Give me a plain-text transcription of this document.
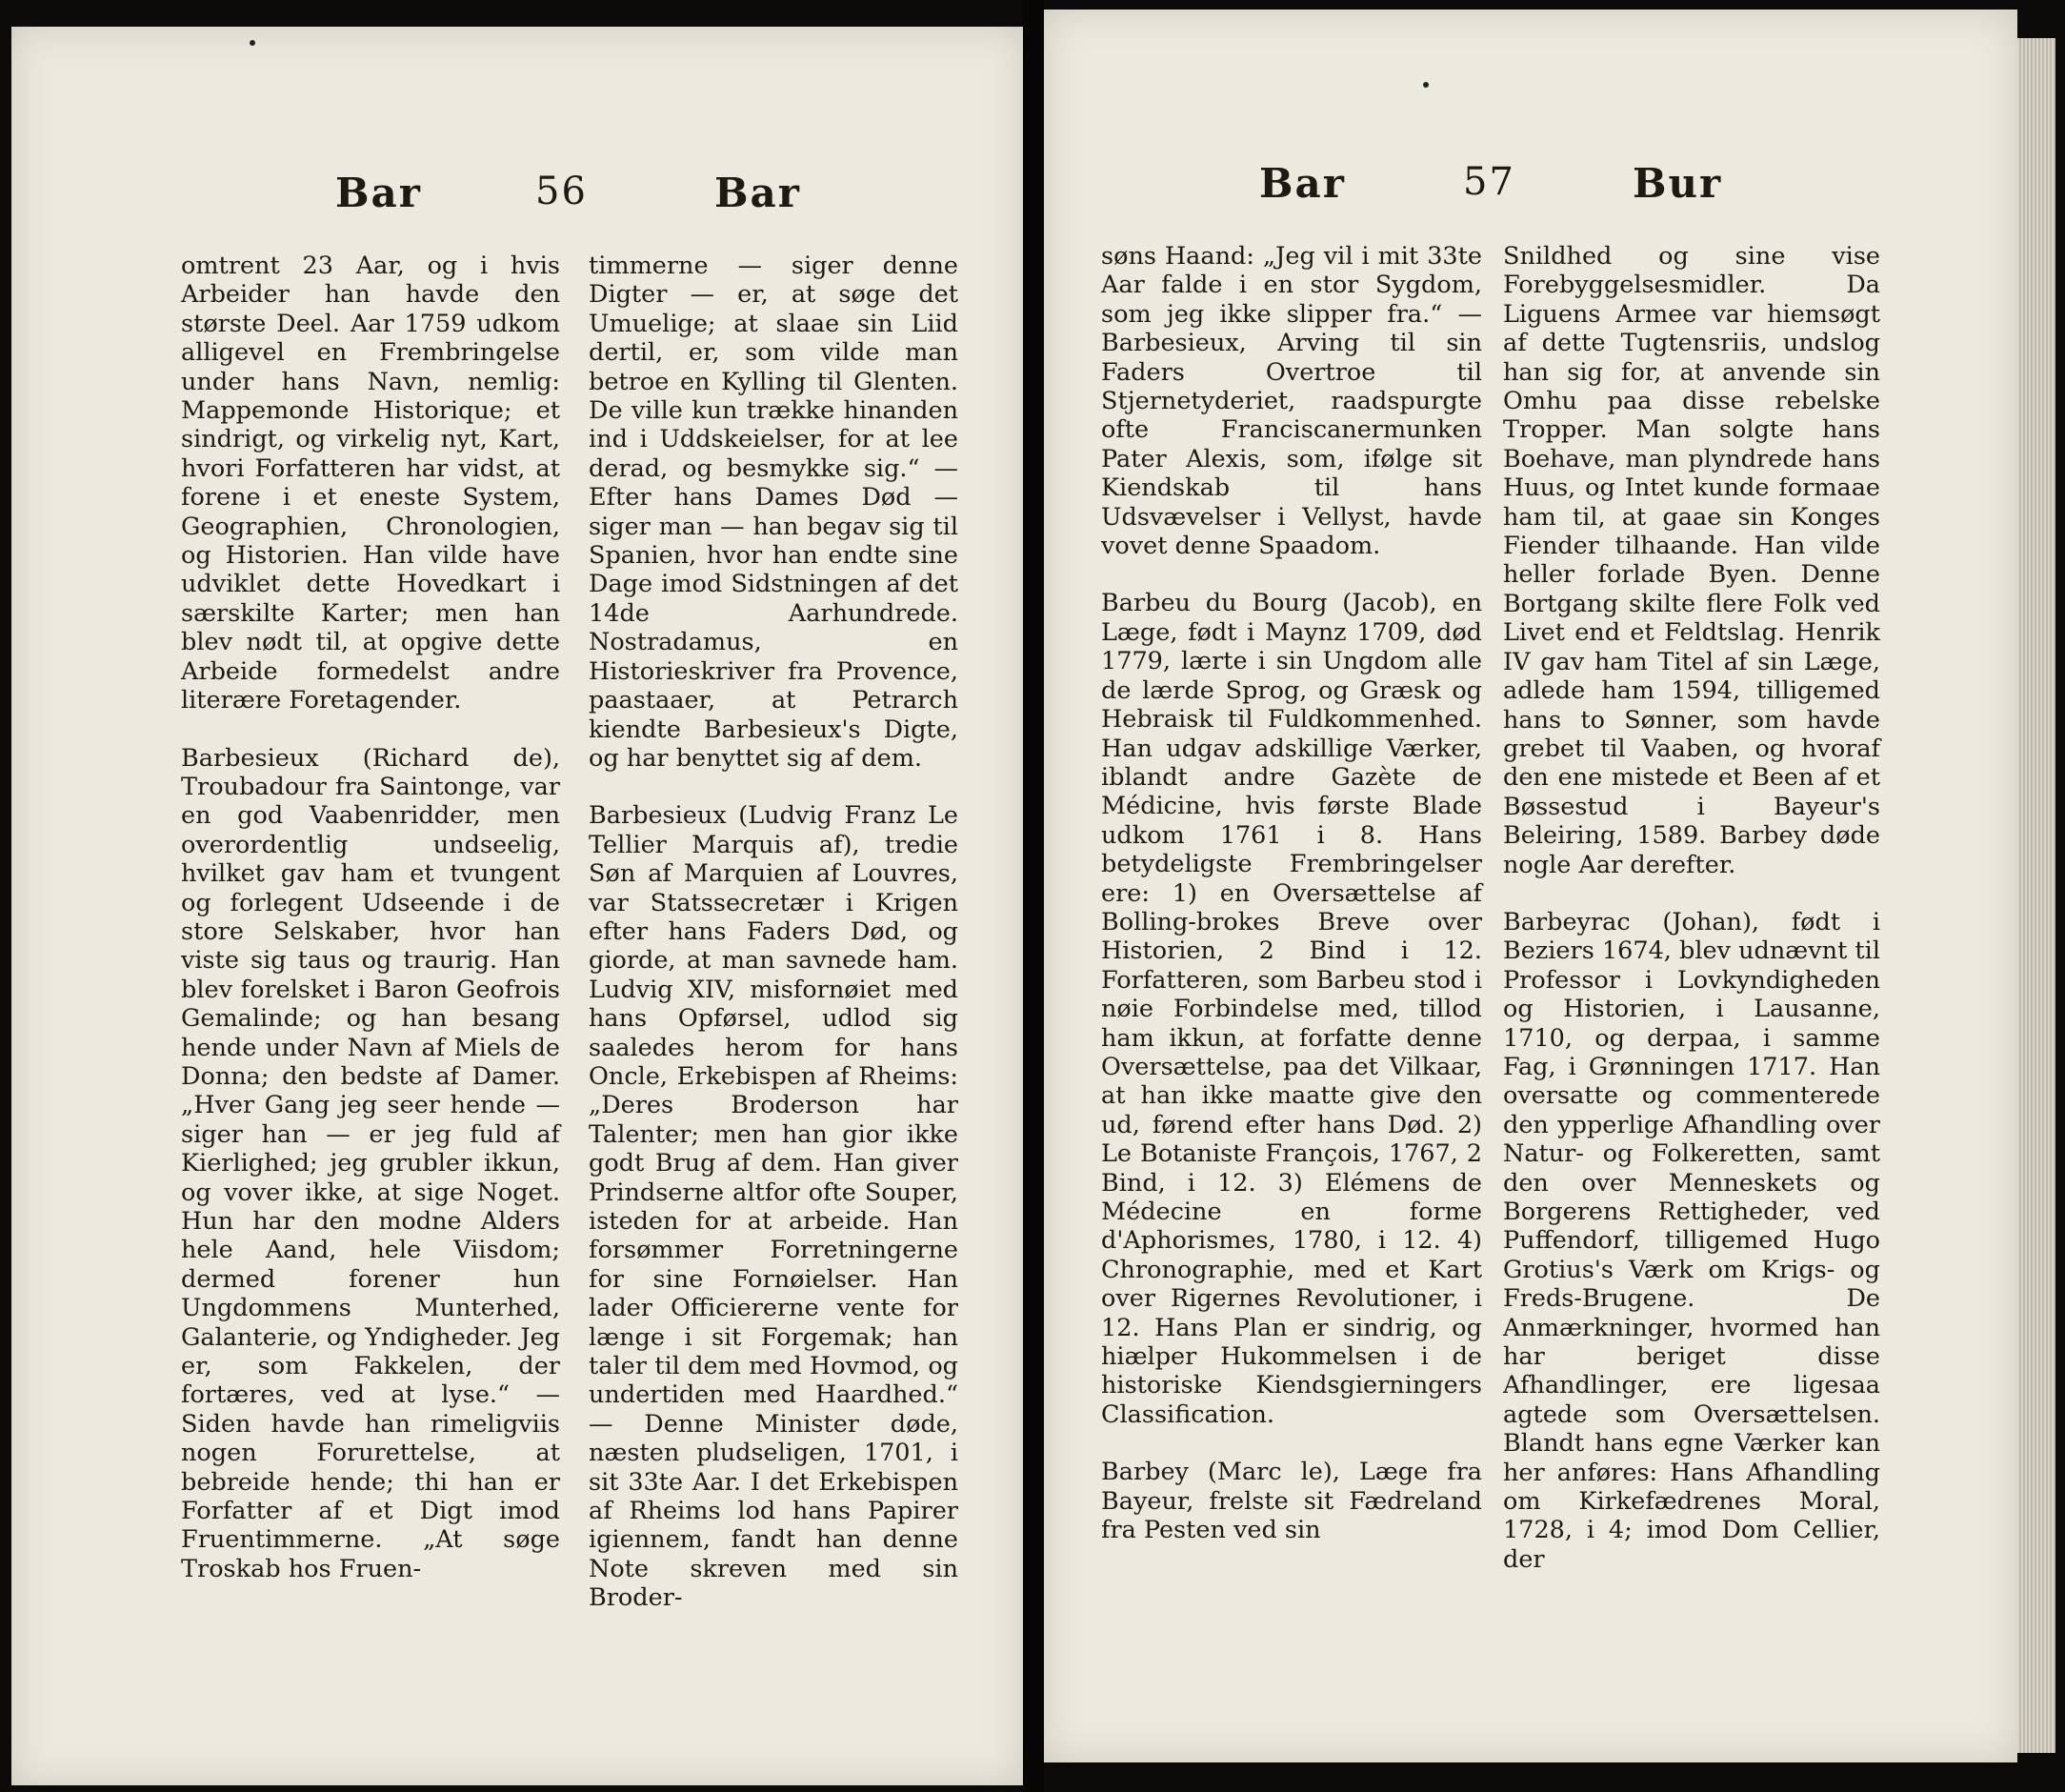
Bar	56	Bar

omtrent 23 Aar, og i hvis Arbeider han havde den største Deel. Aar 1759 udkom alligevel en Frembringelse under hans Navn, nemlig: Mappemonde Historique; et sindrigt, og virkelig nyt, Kart, hvori Forfatteren har vidst, at forene i et eneste System, Geographien, Chronologien, og Historien. Han vilde have udviklet dette Hovedkart i særskilte Karter; men han blev nødt til, at opgive dette Arbeide formedelst andre literære Foretagender.

Barbesieux (Richard de), Troubadour fra Saintonge, var en god Vaabenridder, men overordentlig undseelig, hvilket gav ham et tvungent og forlegent Udseende i de store Selskaber, hvor han viste sig taus og traurig. Han blev forelsket i Baron Geofrois Gemalinde; og han besang hende under Navn af Miels de Donna; den bedste af Damer. „Hver Gang jeg seer hende — siger han — er jeg fuld af Kierlighed; jeg grubler ikkun, og vover ikke, at sige Noget. Hun har den modne Alders hele Aand, hele Viisdom; dermed forener hun Ungdommens Munterhed, Galanterie, og Yndigheder. Jeg er, som Fakkelen, der fortæres, ved at lyse.“ — Siden havde han rimeligviis nogen Forurettelse, at bebreide hende; thi han er Forfatter af et Digt imod Fruentimmerne. „At søge Troskab hos Fruen-

timmerne — siger denne Digter — er, at søge det Umuelige; at slaae sin Liid dertil, er, som vilde man betroe en Kylling til Glenten. De ville kun trække hinanden ind i Uddskeielser, for at lee derad, og besmykke sig.“ — Efter hans Dames Død — siger man — han begav sig til Spanien, hvor han endte sine Dage imod Sidstningen af det 14de Aarhundrede. Nostradamus, en Historieskriver fra Provence, paastaaer, at Petrarch kiendte Barbesieux's Digte, og har benyttet sig af dem.

Barbesieux (Ludvig Franz Le Tellier Marquis af), tredie Søn af Marquien af Louvres, var Statssecretær i Krigen efter hans Faders Død, og giorde, at man savnede ham. Ludvig XIV, misfornøiet med hans Opførsel, udlod sig saaledes herom for hans Oncle, Erkebispen af Rheims: „Deres Broderson har Talenter; men han gior ikke godt Brug af dem. Han giver Prindserne altfor ofte Souper, isteden for at arbeide. Han forsømmer Forretningerne for sine Fornøielser. Han lader Officiererne vente for længe i sit Forgemak; han taler til dem med Hovmod, og undertiden med Haardhed.“ — Denne Minister døde, næsten pludseligen, 1701, i sit 33te Aar. I det Erkebispen af Rheims lod hans Papirer igiennem, fandt han denne Note skreven med sin Broder-

Bar	57	Bur

søns Haand: „Jeg vil i mit 33te Aar falde i en stor Sygdom, som jeg ikke slipper fra.“ — Barbesieux, Arving til sin Faders Overtroe til Stjernetyderiet, raadspurgte ofte Franciscanermunken Pater Alexis, som, ifølge sit Kiendskab til hans Udsvævelser i Vellyst, havde vovet denne Spaadom.

Barbeu du Bourg (Jacob), en Læge, født i Maynz 1709, død 1779, lærte i sin Ungdom alle de lærde Sprog, og Græsk og Hebraisk til Fuldkommenhed. Han udgav adskillige Værker, iblandt andre Gazète de Médicine, hvis første Blade udkom 1761 i 8. Hans betydeligste Frembringelser ere: 1) en Oversættelse af Bolling-brokes Breve over Historien, 2 Bind i 12. Forfatteren, som Barbeu stod i nøie Forbindelse med, tillod ham ikkun, at forfatte denne Oversættelse, paa det Vilkaar, at han ikke maatte give den ud, førend efter hans Død. 2) Le Botaniste François, 1767, 2 Bind, i 12. 3) Elémens de Médecine en forme d'Aphorismes, 1780, i 12. 4) Chronographie, med et Kart over Rigernes Revolutioner, i 12. Hans Plan er sindrig, og hiælper Hukommelsen i de historiske Kiendsgierningers Classification.

Barbey (Marc le), Læge fra Bayeur, frelste sit Fædreland fra Pesten ved sin

Snildhed og sine vise Forebyggelsesmidler. Da Liguens Armee var hiemsøgt af dette Tugtensriis, undslog han sig for, at anvende sin Omhu paa disse rebelske Tropper. Man solgte hans Boehave, man plyndrede hans Huus, og Intet kunde formaae ham til, at gaae sin Konges Fiender tilhaande. Han vilde heller forlade Byen. Denne Bortgang skilte flere Folk ved Livet end et Feldtslag. Henrik IV gav ham Titel af sin Læge, adlede ham 1594, tilligemed hans to Sønner, som havde grebet til Vaaben, og hvoraf den ene mistede et Been af et Bøssestud i Bayeur's Beleiring, 1589. Barbey døde nogle Aar derefter.

Barbeyrac (Johan), født i Beziers 1674, blev udnævnt til Professor i Lovkyndigheden og Historien, i Lausanne, 1710, og derpaa, i samme Fag, i Grønningen 1717. Han oversatte og commenterede den ypperlige Afhandling over Natur- og Folkeretten, samt den over Menneskets og Borgerens Rettigheder, ved Puffendorf, tilligemed Hugo Grotius's Værk om Krigs- og Freds-Brugene. De Anmærkninger, hvormed han har beriget disse Afhandlinger, ere ligesaa agtede som Oversættelsen. Blandt hans egne Værker kan her anføres: Hans Afhandling om Kirkefædrenes Moral, 1728, i 4; imod Dom Cellier, der
